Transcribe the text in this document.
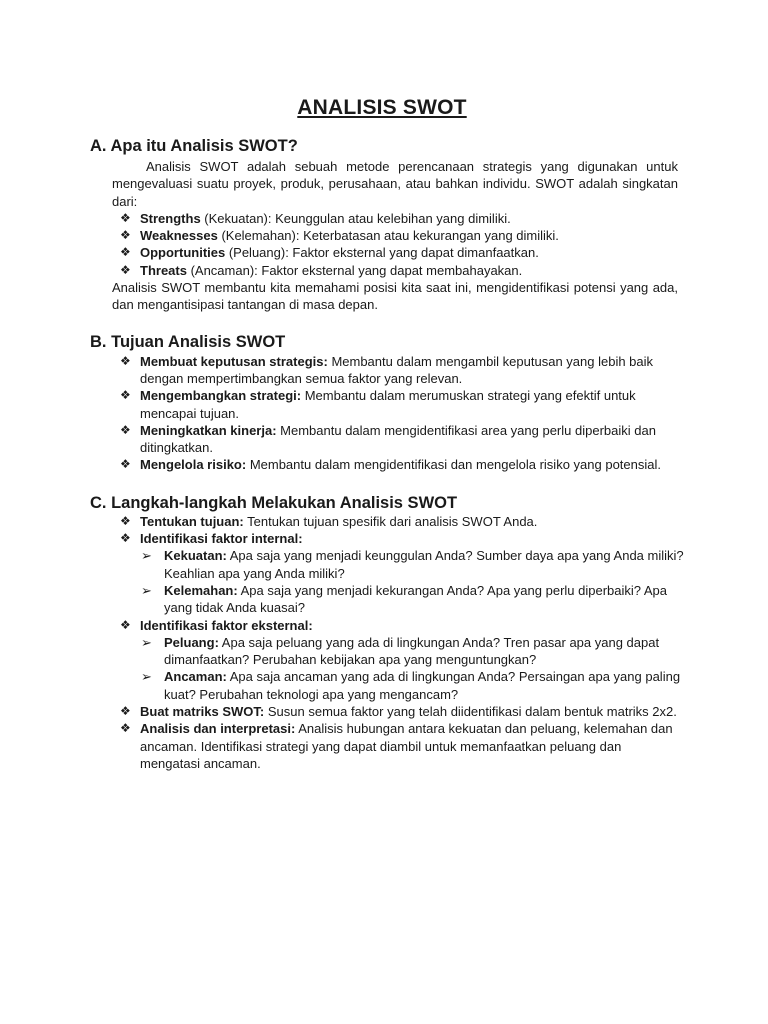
ANALISIS SWOT
A. Apa itu Analisis SWOT?

Analisis SWOT adalah sebuah metode perencanaan strategis yang digunakan untuk mengevaluasi suatu proyek, produk, perusahaan, atau bahkan individu. SWOT adalah singkatan dari:

❖ Strengths (Kekuatan): Keunggulan atau kelebihan yang dimiliki.
❖ Weaknesses (Kelemahan): Keterbatasan atau kekurangan yang dimiliki.
❖ Opportunities (Peluang): Faktor eksternal yang dapat dimanfaatkan.
❖ Threats (Ancaman): Faktor eksternal yang dapat membahayakan.

Analisis SWOT membantu kita memahami posisi kita saat ini, mengidentifikasi potensi yang ada, dan mengantisipasi tantangan di masa depan.

B. Tujuan Analisis SWOT
❖ Membuat keputusan strategis: Membantu dalam mengambil keputusan yang lebih baik dengan mempertimbangkan semua faktor yang relevan.
❖ Mengembangkan strategi: Membantu dalam merumuskan strategi yang efektif untuk mencapai tujuan.
❖ Meningkatkan kinerja: Membantu dalam mengidentifikasi area yang perlu diperbaiki dan ditingkatkan.
❖ Mengelola risiko: Membantu dalam mengidentifikasi dan mengelola risiko yang potensial.
C. Langkah-langkah Melakukan Analisis SWOT
❖ Tentukan tujuan: Tentukan tujuan spesifik dari analisis SWOT Anda.
❖ Identifikasi faktor internal:
➢ Kekuatan: Apa saja yang menjadi keunggulan Anda? Sumber daya apa yang Anda miliki? Keahlian apa yang Anda miliki?
➢ Kelemahan: Apa saja yang menjadi kekurangan Anda? Apa yang perlu diperbaiki? Apa yang tidak Anda kuasai?
❖ Identifikasi faktor eksternal:
➢ Peluang: Apa saja peluang yang ada di lingkungan Anda? Tren pasar apa yang dapat dimanfaatkan? Perubahan kebijakan apa yang menguntungkan?
➢ Ancaman: Apa saja ancaman yang ada di lingkungan Anda? Persaingan apa yang paling kuat? Perubahan teknologi apa yang mengancam?
❖ Buat matriks SWOT: Susun semua faktor yang telah diidentifikasi dalam bentuk matriks 2x2.
❖ Analisis dan interpretasi: Analisis hubungan antara kekuatan dan peluang, kelemahan dan ancaman. Identifikasi strategi yang dapat diambil untuk memanfaatkan peluang dan mengatasi ancaman.
